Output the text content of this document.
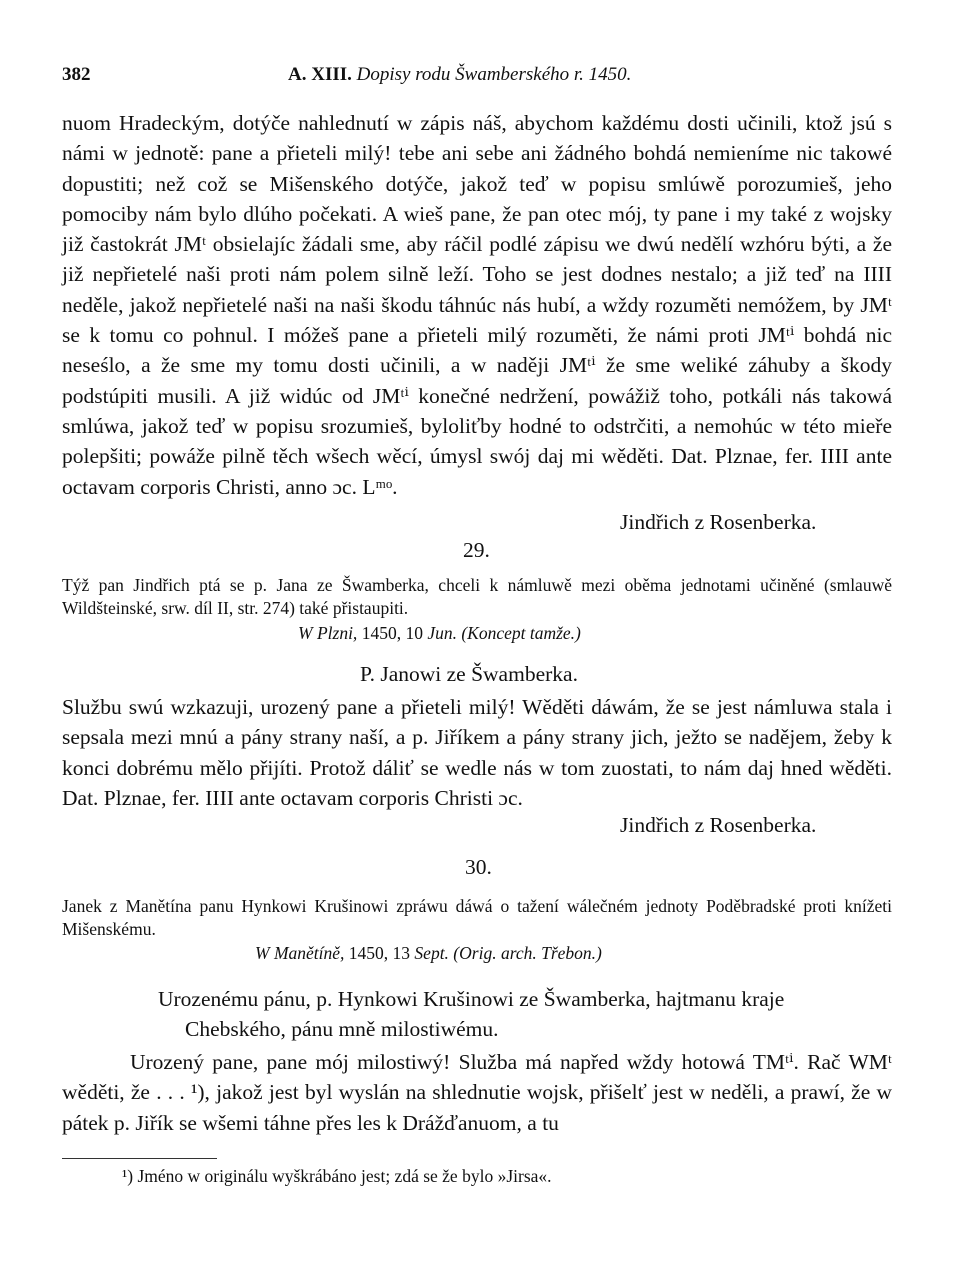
382	A. XIII. Dopisy rodu Šwamberského r. 1450.

nuom Hradeckým, dotýče nahlednutí w zápis náš, abychom každému dosti učinili, ktož jsú s námi w jednotě: pane a přieteli milý! tebe ani sebe ani žádného bohdá nemieníme nic takowé dopustiti; než což se Mišenského dotýče, jakož teď w popisu smlúwě porozumieš, jeho pomociby nám bylo dlúho počekati. A wieš pane, že pan otec mój, ty pane i my také z wojsky již častokrát JMᵗ obsielajíc žádali sme, aby ráčil podlé zápisu we dwú nedělí wzhóru býti, a že již nepřietelé naši proti nám polem silně leží. Toho se jest dodnes nestalo; a již teď na IIII neděle, jakož nepřietelé naši na naši škodu táhnúc nás hubí, a wždy rozuměti nemóžem, by JMᵗ se k tomu co pohnul. I móžeš pane a přieteli milý rozuměti, že námi proti JMᵗⁱ bohdá nic neseślo, a že sme my tomu dosti učinili, a w naději JMᵗⁱ že sme weliké záhuby a škody podstúpiti musili. A již widúc od JMᵗⁱ konečné nedržení, powážiž toho, potkáli nás takowá smlúwa, jakož teď w popisu srozumieš, byloliťby hodné to odstrčiti, a nemohúc w této mieře polepšiti; powáže pilně těch wšech wěcí, úmysl swój daj mi wěděti. Dat. Plznae, fer. IIII ante octavam corporis Christi, anno ɔc. Lᵐᵒ.

Jindřich z Rosenberka.
29.
Týž pan Jindřich ptá se p. Jana ze Šwamberka, chceli k námluwě mezi oběma jednotami učiněné (smlauwě Wildšteinské, srw. díl II, str. 274) také přistaupiti.
W Plzni, 1450, 10 Jun. (Koncept tamže.)
P. Janowi ze Šwamberka.

Službu swú wzkazuji, urozený pane a přieteli milý! Wěděti dáwám, že se jest námluwa stala i sepsala mezi mnú a pány strany naší, a p. Jiříkem a pány strany jich, ježto se nadějem, žeby k konci dobrému mělo přijíti. Protož dáliť se wedle nás w tom zuostati, to nám daj hned wěděti. Dat. Plznae, fer. IIII ante octavam corporis Christi ɔc.

Jindřich z Rosenberka.
30.
Janek z Manětína panu Hynkowi Krušinowi zpráwu dáwá o tažení wálečném jednoty Poděbradské proti knížeti Mišenskému.
W Manětíně, 1450, 13 Sept. (Orig. arch. Třebon.)
Urozenému pánu, p. Hynkowi Krušinowi ze Šwamberka, hajtmanu kraje
Chebského, pánu mně milostiwému.

Urozený pane, pane mój milostiwý! Služba má napřed wždy hotowá TMᵗⁱ. Rač WMᵗ wěděti, že . . . ¹), jakož jest byl wyslán na shlednutie wojsk, přišelť jest w neděli, a prawí, že w pátek p. Jiřík se wšemi táhne přes les k Drážďanuom, a tu

¹) Jméno w originálu wyškrábáno jest; zdá se že bylo »Jirsa«.
